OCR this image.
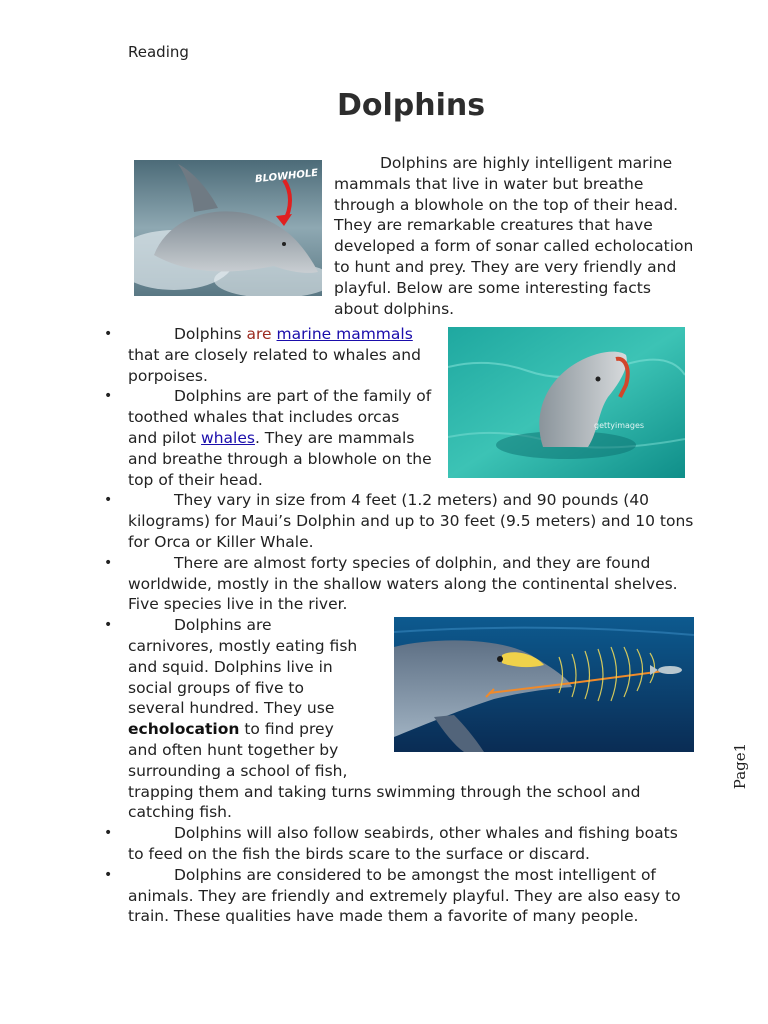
Reading
Dolphins
BLOWHOLE
Dolphins are highly intelligent marine mammals that live in water but breathe through a blowhole on the top of their head. They are remarkable creatures that have developed a form of sonar called echolocation to hunt and prey. They are very friendly and playful. Below are some interesting facts about dolphins.
gettyimages
• Dolphins are marine mammals that are closely related to whales and porpoises.
• Dolphins are part of the family of toothed whales that includes orcas and pilot whales. They are mammals and breathe through a blowhole on the top of their head.
• They vary in size from 4 feet (1.2 meters) and 90 pounds (40 kilograms) for Maui’s Dolphin and up to 30 feet (9.5 meters) and 10 tons for Orca or Killer Whale.
• There are almost forty species of dolphin, and they are found worldwide, mostly in the shallow waters along the continental shelves. Five species live in the river.
• Dolphins are carnivores, mostly eating fish and squid. Dolphins live in social groups of five to several hundred. They use echolocation to find prey and often hunt together by surrounding a school of fish,
trapping them and taking turns swimming through the school and catching fish.
• Dolphins will also follow seabirds, other whales and fishing boats to feed on the fish the birds scare to the surface or discard.
• Dolphins are considered to be amongst the most intelligent of animals. They are friendly and extremely playful. They are also easy to train. These qualities have made them a favorite of many people.
Page1
